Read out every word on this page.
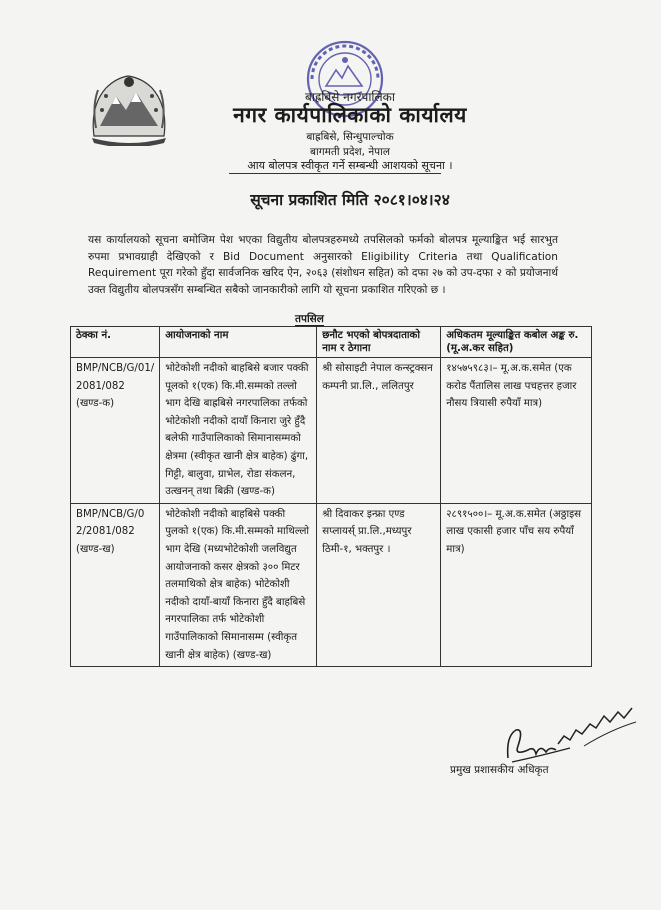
बाह्रबिसे नगरपालिका
नगर कार्यपालिकाको कार्यालय
बाह्रबिसे, सिन्धुपाल्चोक
बागमती प्रदेश, नेपाल
आय बोलपत्र स्वीकृत गर्ने सम्बन्धी आशयको सूचना ।
सूचना प्रकाशित मिति २०८१।०४।२४
यस कार्यालयको सूचना बमोजिम पेश भएका विद्युतीय बोलपत्रहरुमध्ये तपसिलको फर्मको बोलपत्र मूल्याङ्कित भई सारभुत रुपमा प्रभावग्राही देखिएको र Bid Document अनुसारको Eligibility Criteria तथा Qualification Requirement पूरा गरेको हुँदा सार्वजनिक खरिद ऐन, २०६३ (संशोधन सहित) को दफा २७ को उप-दफा २ को प्रयोजनार्थ उक्त विद्युतीय बोलपत्रसँग सम्बन्धित सबैको जानकारीको लागि यो सूचना प्रकाशित गरिएको छ ।
तपसिल
ठेक्का नं.	आयोजनाको नाम	छनौट भएको बोपत्रदाताको नाम र ठेगाना	अधिकतम मूल्याङ्कित कबोल अङ्क रु.(मू.अ.कर सहित)
BMP/NCB/G/01/ 2081/082 (खण्ड-क)	भोटेकोशी नदीको बाहबिसे बजार पक्की पूलको १(एक) कि.मी.सम्मको तल्लो भाग देखि बाह्रबिसे नगरपालिका तर्फको भोटेकोशी नदीको दायाँ किनारा जुरे हुँदै बलेफी गाउँपालिकाको सिमानासम्मको क्षेत्रमा (स्वीकृत खानी क्षेत्र बाहेक) ढुंगा, गिट्टी, बालुवा, ग्राभेल, रोडा संकलन, उत्खनन् तथा बिक्री (खण्ड-क)	श्री सोसाइटी नेपाल कन्स्ट्रक्सन कम्पनी प्रा.लि., ललितपुर	१४५७५९८३।– मू.अ.क.समेत (एक करोड पैंतालिस लाख पचहत्तर हजार नौसय त्रियासी रुपैयाँ मात्र)
BMP/NCB/G/0 2/2081/082 (खण्ड-ख)	भोटेकोशी नदीको बाहबिसे पक्की पुलको १(एक) कि.मी.सम्मको माथिल्लो भाग देखि (मध्यभोटेकोशी जलविद्युत आयोजनाको कसर क्षेत्रको ३०० मिटर तलमाथिको क्षेत्र बाहेक) भोटेकोशी नदीको दायाँ-बायाँ किनारा हुँदै बाहबिसे नगरपालिका तर्फ भोटेकोशी गाउँपालिकाको सिमानासम्म (स्वीकृत खानी क्षेत्र बाहेक) (खण्ड-ख)	श्री दिवाकर इन्फ्रा एण्ड सप्लायर्स् प्रा.लि.,मध्यपुर ठिमी-१, भक्तपुर ।	२८९१५००।– मू.अ.क.समेत (अठ्ठाइस लाख एकासी हजार पाँच सय रुपैयाँ मात्र)
प्रमुख प्रशासकीय अधिकृत
